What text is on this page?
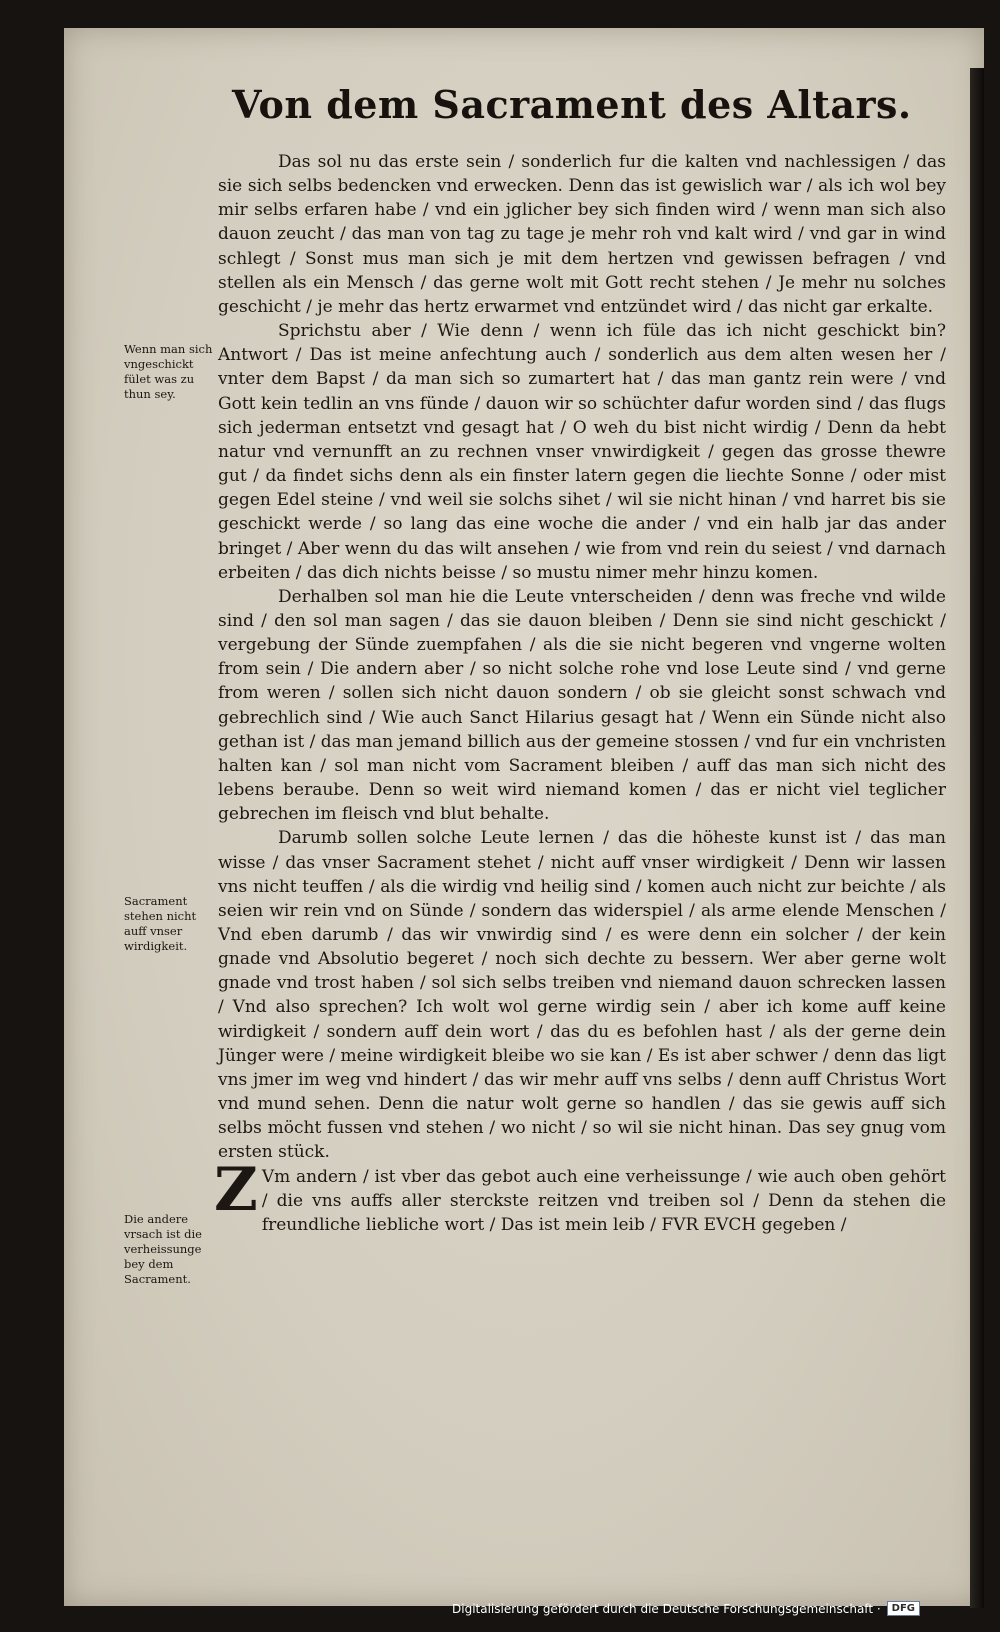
Von dem Sacrament des Altars.

Das sol nu das erste sein / sonderlich fur die kalten vnd nachlessigen / das sie sich selbs bedencken vnd erwecken. Denn das ist gewislich war / als ich wol bey mir selbs erfaren habe / vnd ein jglicher bey sich finden wird / wenn man sich also dauon zeucht / das man von tag zu tage je mehr roh vnd kalt wird / vnd gar in wind schlegt / Sonst mus man sich je mit dem hertzen vnd gewissen befragen / vnd stellen als ein Mensch / das gerne wolt mit Gott recht stehen / Je mehr nu solches geschicht / je mehr das hertz erwarmet vnd entzündet wird / das nicht gar erkalte.

Sprichstu aber / Wie denn / wenn ich füle das ich nicht geschickt bin? Antwort / Das ist meine anfechtung auch / sonderlich aus dem alten wesen her / vnter dem Bapst / da man sich so zumartert hat / das man gantz rein were / vnd Gott kein tedlin an vns fünde / dauon wir so schüchter dafur worden sind / das flugs sich jederman entsetzt vnd gesagt hat / O weh du bist nicht wirdig / Denn da hebt natur vnd vernunfft an zu rechnen vnser vnwirdigkeit / gegen das grosse thewre gut / da findet sichs denn als ein finster latern gegen die liechte Sonne / oder mist gegen Edel steine / vnd weil sie solchs sihet / wil sie nicht hinan / vnd harret bis sie geschickt werde / so lang das eine woche die ander / vnd ein halb jar das ander bringet / Aber wenn du das wilt ansehen / wie from vnd rein du seiest / vnd darnach erbeiten / das dich nichts beisse / so mustu nimer mehr hinzu komen.

Derhalben sol man hie die Leute vnterscheiden / denn was freche vnd wilde sind / den sol man sagen / das sie dauon bleiben / Denn sie sind nicht geschickt / vergebung der Sünde zuempfahen / als die sie nicht begeren vnd vngerne wolten from sein / Die andern aber / so nicht solche rohe vnd lose Leute sind / vnd gerne from weren / sollen sich nicht dauon sondern / ob sie gleicht sonst schwach vnd gebrechlich sind / Wie auch Sanct Hilarius gesagt hat / Wenn ein Sünde nicht also gethan ist / das man jemand billich aus der gemeine stossen / vnd fur ein vnchristen halten kan / sol man nicht vom Sacrament bleiben / auff das man sich nicht des lebens beraube. Denn so weit wird niemand komen / das er nicht viel teglicher gebrechen im fleisch vnd blut behalte.

Darumb sollen solche Leute lernen / das die höheste kunst ist / das man wisse / das vnser Sacrament stehet / nicht auff vnser wirdigkeit / Denn wir lassen vns nicht teuffen / als die wirdig vnd heilig sind / komen auch nicht zur beichte / als seien wir rein vnd on Sünde / sondern das widerspiel / als arme elende Menschen / Vnd eben darumb / das wir vnwirdig sind / es were denn ein solcher / der kein gnade vnd Absolutio begeret / noch sich dechte zu bessern. Wer aber gerne wolt gnade vnd trost haben / sol sich selbs treiben vnd niemand dauon schrecken lassen / Vnd also sprechen? Ich wolt wol gerne wirdig sein / aber ich kome auff keine wirdigkeit / sondern auff dein wort / das du es befohlen hast / als der gerne dein Jünger were / meine wirdigkeit bleibe wo sie kan / Es ist aber schwer / denn das ligt vns jmer im weg vnd hindert / das wir mehr auff vns selbs / denn auff Christus Wort vnd mund sehen. Denn die natur wolt gerne so handlen / das sie gewis auff sich selbs möcht fussen vnd stehen / wo nicht / so wil sie nicht hinan. Das sey gnug vom ersten stück.

Z Vm andern / ist vber das gebot auch eine verheissunge / wie auch oben gehört / die vns auffs aller sterckste reitzen vnd treiben sol / Denn da stehen die freundliche liebliche wort / Das ist mein leib / FVR EVCH gegeben /

Wenn man sich vngeschickt fület was zu thun sey.
Sacrament stehen nicht auff vnser wirdigkeit.
Die andere vrsach ist die verheissunge bey dem Sacrament.
Digitalisierung gefördert durch die Deutsche Forschungsgemeinschaft ·	DFG
